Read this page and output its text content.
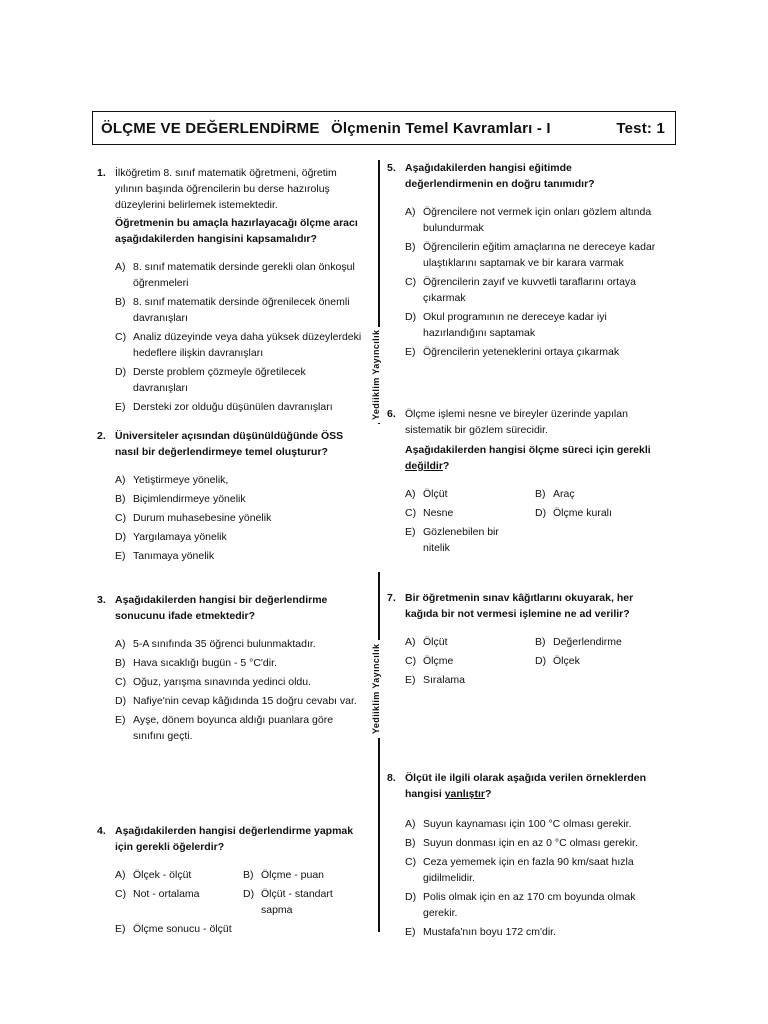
ÖLÇME VE DEĞERLENDİRME Ölçmenin Temel Kavramları - I	Test: 1
Yediiklim Yayıncılık
Yediiklim Yayıncılık
1. İlköğretim 8. sınıf matematik öğretmeni, öğretim yılının başında öğrencilerin bu derse hazıroluş düzeylerini belirlemek istemektedir.

Öğretmenin bu amaçla hazırlayacağı ölçme aracı aşağıdakilerden hangisini kapsamalıdır?

A) 8. sınıf matematik dersinde gerekli olan önkoşul öğrenmeleri
B) 8. sınıf matematik dersinde öğrenilecek önemli davranışları
C) Analiz düzeyinde veya daha yüksek düzeylerdeki hedeflere ilişkin davranışları
D) Derste problem çözmeyle öğretilecek davranışları
E) Dersteki zor olduğu düşünülen davranışları
2. Üniversiteler açısından düşünüldüğünde ÖSS nasıl bir değerlendirmeye temel oluşturur?

A) Yetiştirmeye yönelik,
B) Biçimlendirmeye yönelik
C) Durum muhasebesine yönelik
D) Yargılamaya yönelik
E) Tanımaya yönelik
3. Aşağıdakilerden hangisi bir değerlendirme sonucunu ifade etmektedir?

A) 5-A sınıfında 35 öğrenci bulunmaktadır.
B) Hava sıcaklığı bugün - 5 °C'dir.
C) Oğuz, yarışma sınavında yedinci oldu.
D) Nafiye'nin cevap kâğıdında 15 doğru cevabı var.
E) Ayşe, dönem boyunca aldığı puanlara göre sınıfını geçti.
4. Aşağıdakilerden hangisi değerlendirme yapmak için gerekli öğelerdir?

A) Ölçek - ölçüt	B) Ölçme - puan
C) Not - ortalama	D) Ölçüt - standart sapma
E) Ölçme sonucu - ölçüt
5. Aşağıdakilerden hangisi eğitimde değerlendirmenin en doğru tanımıdır?

A) Öğrencilere not vermek için onları gözlem altında bulundurmak
B) Öğrencilerin eğitim amaçlarına ne dereceye kadar ulaştıklarını saptamak ve bir karara varmak
C) Öğrencilerin zayıf ve kuvvetli taraflarını ortaya çıkarmak
D) Okul programının ne dereceye kadar iyi hazırlandığını saptamak
E) Öğrencilerin yeteneklerini ortaya çıkarmak
6. Ölçme işlemi nesne ve bireyler üzerinde yapılan sistematik bir gözlem sürecidir.

Aşağıdakilerden hangisi ölçme süreci için gerekli değildir?

A) Ölçüt	B) Araç
C) Nesne	D) Ölçme kuralı
E) Gözlenebilen bir nitelik
7. Bir öğretmenin sınav kâğıtlarını okuyarak, her kağıda bir not vermesi işlemine ne ad verilir?

A) Ölçüt	B) Değerlendirme
C) Ölçme	D) Ölçek
E) Sıralama
8. Ölçüt ile ilgili olarak aşağıda verilen örneklerden hangisi yanlıştır?

A) Suyun kaynaması için 100 °C olması gerekir.
B) Suyun donması için en az 0 °C olması gerekir.
C) Ceza yememek için en fazla 90 km/saat hızla gidilmelidir.
D) Polis olmak için en az 170 cm boyunda olmak gerekir.
E) Mustafa'nın boyu 172 cm'dir.
